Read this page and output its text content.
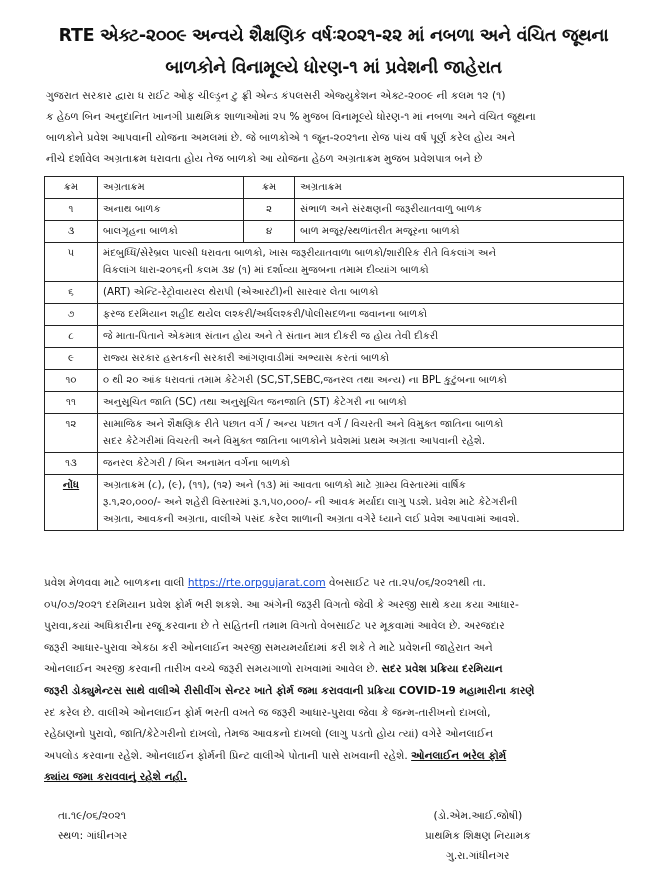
RTE એક્ટ-૨૦૦૯ અન્વયે શૈક્ષણિક વર્ષઃ૨૦૨૧-૨૨ માં નબળા અને વંચિત જૂથના
બાળકોને વિનામૂલ્યે ધોરણ-૧ માં પ્રવેશની જાહેરાત
ગુજરાત સરકાર દ્વારા ધ રાઈટ ઓફ ચીલ્ડ્રન ટુ ફ્રી એન્ડ કંપલસરી એજ્યુકેશન એક્ટ-૨૦૦૯ ની કલમ ૧૨ (૧)
ક હેઠળ બિન અનુદાનિત ખાનગી પ્રાથમિક શાળાઓમાં ૨૫ % મુજબ વિનામૂલ્યે ધોરણ-૧ માં નબળા અને વંચિત જૂથના
બાળકોને પ્રવેશ આપવાની યોજના અમલમાં છે. જે બાળકોએ ૧ જૂન-૨૦૨૧ના રોજ પાંચ વર્ષ પૂર્ણ કરેલ હોય અને
નીચે દર્શાવેલ અગ્રતાક્રમ ધરાવતા હોય તેજ બાળકો આ યોજના હેઠળ અગ્રતાક્રમ મુજબ પ્રવેશપાત્ર બને છે
ક્રમ	અગ્રતાક્રમ	ક્રમ	અગ્રતાક્રમ
૧	અનાથ બાળક	૨	સંભાળ અને સંરક્ષણની જરૂરીયાતવાળુ બાળક
૩	બાલગૃહના બાળકો	૪	બાળ મજૂર/સ્થળાંતરીત મજૂરના બાળકો
૫	મંદબુધ્ધિ/સેરેબ્રલ પાલ્સી ધરાવતા બાળકો, ખાસ જરૂરીયાતવાળા બાળકો/શારીરિક રીતે વિકલાંગ અને
વિકલાંગ ધારા-૨૦૧૬ની કલમ ૩૪ (૧) માં દર્શાવ્યા મુજબના તમામ દીવ્યાંગ બાળકો		

૬	(ART) એન્ટિ-રેટ્રોવાયરલ થેરાપી (એઆરટી)ની સારવાર લેતા બાળકો		
૭	ફરજ દરમિયાન શહીદ થયેલ લશ્કરી/અર્ધલશ્કરી/પોલીસદળના જવાનના બાળકો		
૮	જે માતા-પિતાને એકમાત્ર સંતાન હોય અને તે સંતાન માત્ર દીકરી જ હોય તેવી દીકરી		
૯	રાજ્ય સરકાર હસ્તકની સરકારી આંગણવાડીમાં અભ્યાસ કરતાં બાળકો		
૧૦	૦ થી ૨૦ આંક ધરાવતાં તમામ કેટેગરી (SC,ST,SEBC,જનરલ તથા અન્ય) ના BPL કુટુંબના બાળકો		
૧૧	અનુસૂચિત જાતિ (SC) તથા અનુસૂચિત જનજાતિ (ST) કેટેગરી ના બાળકો		
૧૨	સામાજિક અને શૈક્ષણિક રીતે પછાત વર્ગ / અન્ય પછાત વર્ગ / વિચરતી અને વિમુક્ત જાતિના બાળકો
સદર કેટેગરીમાં વિચરતી અને વિમુક્ત જાતિના બાળકોને પ્રવેશમાં પ્રથમ અગ્રતા આપવાની રહેશે.		

૧૩	જનરલ કેટેગરી / બિન અનામત વર્ગના બાળકો		
નોંધ	અગ્રતાક્રમ (૮), (૯), (૧૧), (૧૨) અને (૧૩) માં આવતા બાળકો માટે ગ્રામ્ય વિસ્તારમાં વાર્ષિક
રૂ.૧,૨૦,૦૦૦/- અને શહેરી વિસ્તારમાં રૂ.૧,૫૦,૦૦૦/- ની આવક મર્યાદા લાગુ પડશે. પ્રવેશ માટે કેટેગરીની
અગ્રતા, આવકની અગ્રતા, વાલીએ પસંદ કરેલ શાળાની અગ્રતા વગેરે ધ્યાને લઈ પ્રવેશ આપવામાં આવશે.		
પ્રવેશ મેળવવા માટે બાળકના વાલી https://rte.orpgujarat.com વેબસાઈટ પર તા.૨૫/૦૬/૨૦૨૧થી તા.
૦૫/૦૭/૨૦૨૧ દરમિયાન પ્રવેશ ફોર્મ ભરી શકશે. આ અંગેની જરૂરી વિગતો જેવી કે અરજી સાથે કયા કયા આધાર-
પુરાવા,કયાં અધિકારીના રજૂ કરવાના છે તે સહિતની તમામ વિગતો વેબસાઈટ પર મૂકવામાં આવેલ છે. અરજદાર
જરૂરી આધાર-પુરાવા એકઠા કરી ઓનલાઈન અરજી સમયમર્યાદામાં કરી શકે તે માટે પ્રવેશની જાહેરાત અને
ઓનલાઈન અરજી કરવાની તારીખ વચ્ચે જરૂરી સમયગાળો રાખવામાં આવેલ છે. સદર પ્રવેશ પ્રક્રિયા દરમિયાન
જરૂરી ડોક્યુમેન્ટસ સાથે વાલીએ રીસીવીંગ સેન્ટર ખાતે ફોર્મ જમા કરાવવાની પ્રક્રિયા COVID-19 મહામારીના કારણે
રદ કરેલ છે. વાલીએ ઓનલાઈન ફોર્મ ભરતી વખતે જ જરૂરી આધાર-પુરાવા જેવા કે જન્મ-તારીખનો દાખલો,
રહેઠાણનો પુરાવો, જાતિ/કેટેગરીનો દાખલો, તેમજ આવકનો દાખલો (લાગુ પડતો હોય ત્યાં) વગેરે ઓનલાઈન
અપલોડ કરવાના રહેશે. ઓનલાઈન ફોર્મની પ્રિન્ટ વાલીએ પોતાની પાસે રાખવાની રહેશે. ઓનલાઈન ભરેલ ફોર્મ
ક્યાંય જમા કરાવવાનું રહેશે નહી.
તા.૧૯/૦૬/૨૦૨૧
સ્થળ: ગાંધીનગર
(ડો.એમ.આઈ.જોષી)
પ્રાથમિક શિક્ષણ નિયામક
ગુ.રા.ગાંધીનગર
